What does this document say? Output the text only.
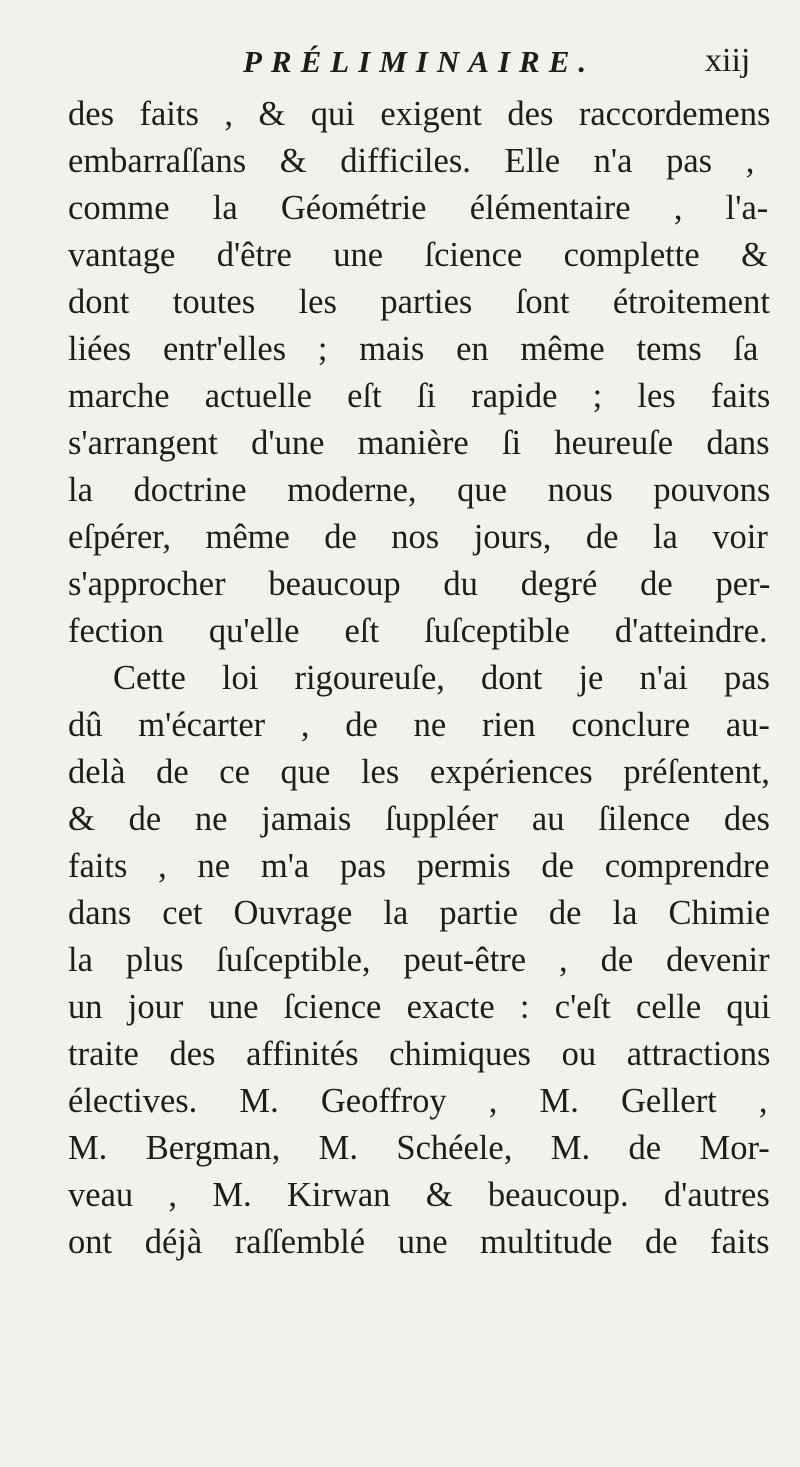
PRÉLIMINAIRE.	xiij
des faits , & qui exigent des raccordemens
embarraſſans & difficiles. Elle n'a pas ,
comme la Géométrie élémentaire , l'a-
vantage d'être une ſcience complette &
dont toutes les parties ſont étroitement
liées entr'elles ; mais en même tems ſa
marche actuelle eſt ſi rapide ; les faits
s'arrangent d'une manière ſi heureuſe dans
la doctrine moderne, que nous pouvons
eſpérer, même de nos jours, de la voir
s'approcher beaucoup du degré de per-
fection qu'elle eſt ſuſceptible d'atteindre.
Cette loi rigoureuſe, dont je n'ai pas
dû m'écarter , de ne rien conclure au-
delà de ce que les expériences préſentent,
& de ne jamais ſuppléer au ſilence des
faits , ne m'a pas permis de comprendre
dans cet Ouvrage la partie de la Chimie
la plus ſuſceptible, peut-être , de devenir
un jour une ſcience exacte : c'eſt celle qui
traite des affinités chimiques ou attractions
électives. M. Geoffroy , M. Gellert ,
M. Bergman, M. Schéele, M. de Mor-
veau , M. Kirwan & beaucoup. d'autres
ont déjà raſſemblé une multitude de faits
